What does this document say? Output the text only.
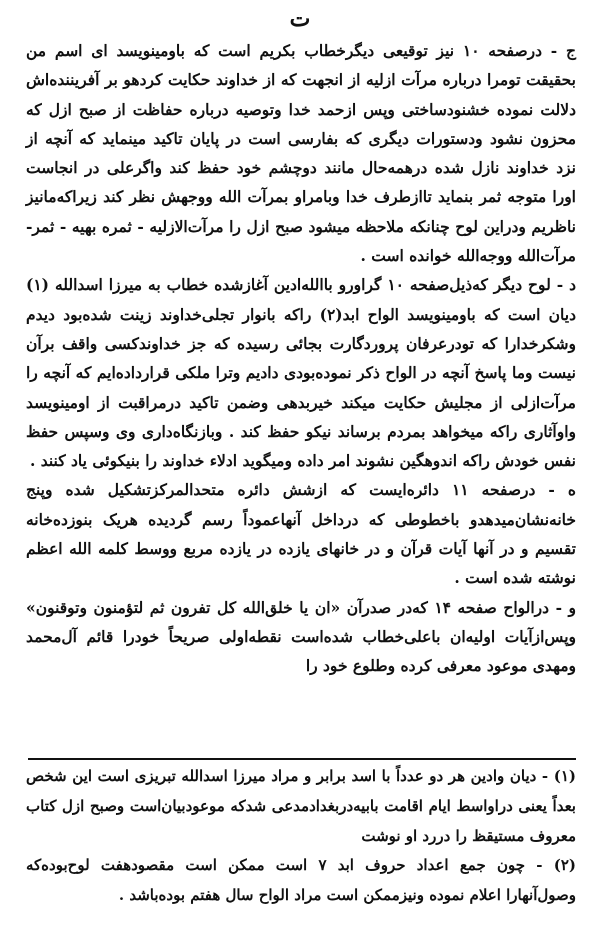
ت

ج - درصفحه ۱۰ نیز توقیعی دیگرخطاب بکریم است که باومینویسد ای اسم من بحقیقت تومرا درباره مرآت ازلیه از انجهت که از خداوند حکایت کردهو بر آفریننده‌اش دلالت نموده خشنودساختی وپس ازحمد خدا وتوصیه درباره حفاظت از صبح ازل که محزون نشود ودستورات دیگری که بفارسی است در پایان تاکید مینماید که آنچه از نزد خداوند نازل شده درهمه‌حال مانند دوچشم خود حفظ کند واگرعلی در انجاست اورا متوجه ثمر بنماید تاازطرف خدا وبامراو بمرآت الله ووجهش نظر کند زیراکه‌مانیز ناظریم ودراین لوح چنانکه ملاحظه میشود صبح ازل را مرآت‌الازلیه - ثمره بهیه - ثمر-مرآت‌الله ووجه‌الله خوانده است .

د - لوح دیگر که‌ذیل‌صفحه ۱۰ گراورو باالله‌ادین آغازشده خطاب به میرزا اسدالله (۱) دیان است که باومینویسد الواح ابد(۲) راکه بانوار تجلی‌خداوند زینت شده‌بود دیدم وشکرخدارا که تودرعرفان پروردگارت بجائی رسیده‌ که جز خداوندکسی واقف برآن نیست وما پاسخ آنچه در الواح ذکر نموده‌بودی دادیم وترا ملکی قرارداده‌ایم که آنچه را مرآت‌ازلی از مجلیش حکایت میکند خیربدهی وضمن تاکید درمراقبت از اومینویسد واوآثاری راکه میخواهد بمردم برساند نیکو حفظ کند . وبازنگاه‌داری وی وسپس حفظ نفس خودش راکه اندوهگین نشوند امر داده ومیگوید ادلاء خداوند را بنیکوئی یاد کنند .

ه - درصفحه ۱۱ دائره‌ایست که ازشش دائره متحدالمرکزتشکیل شده وپنج خانه‌نشان‌میدهدو باخطوطی که درداخل آنهاعموداً رسم گردیده هریک بنوزده‌خانه تقسیم و در آنها آیات قرآن و در خانهای یازده در یازده مربع ووسط کلمه الله اعظم نوشته شده است .

و - درالواح صفحه ۱۴ که‌در صدرآن «ان یا خلق‌الله کل تفرون ثم لتؤمنون وتوقنون» وپس‌ازآیات اولیه‌ان باعلی‌خطاب شده‌است نقطه‌اولی صریحاً خودرا قائم آل‌محمد ومهدی موعود معرفی کرده وطلوع خود را

(۱) - دیان وادین هر دو عدداً با اسد برابر و مراد میرزا اسدالله تبریزی است این شخص بعداً یعنی درا‌واسط ایام اقامت بابیه‌دربغدادمدعی شدکه موعودبیان‌است وصبح ازل کتاب معروف مستیقظ را دررد او نوشت

(۲) - چون جمع اعداد حروف ابد ۷ است ممکن است مقصودهفت لوح‌بوده‌که وصول‌آنهارا اعلام نموده ونیزممکن است مراد الواح سال هفتم بوده‌باشد .
